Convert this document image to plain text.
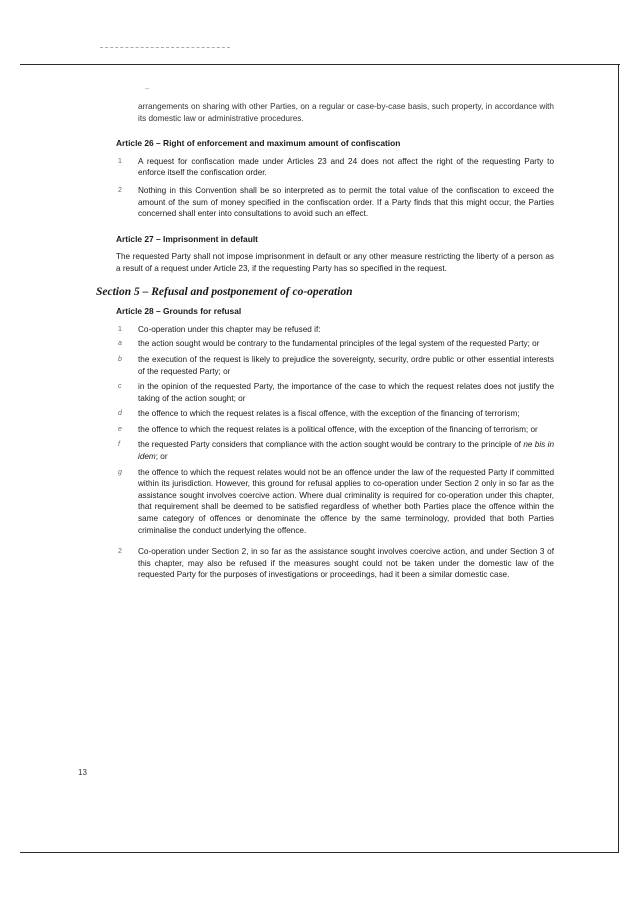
–

arrangements on sharing with other Parties, on a regular or case-by-case basis, such property, in accordance with its domestic law or administrative procedures.

Article 26 – Right of enforcement and maximum amount of confiscation

1 A request for confiscation made under Articles 23 and 24 does not affect the right of the requesting Party to enforce itself the confiscation order.
2 Nothing in this Convention shall be so interpreted as to permit the total value of the confiscation to exceed the amount of the sum of money specified in the confiscation order. If a Party finds that this might occur, the Parties concerned shall enter into consultations to avoid such an effect.

Article 27 – Imprisonment in default

The requested Party shall not impose imprisonment in default or any other measure restricting the liberty of a person as a result of a request under Article 23, if the requesting Party has so specified in the request.

Section 5 – Refusal and postponement of co-operation

Article 28 – Grounds for refusal

1 Co-operation under this chapter may be refused if:
a the action sought would be contrary to the fundamental principles of the legal system of the requested Party; or
b the execution of the request is likely to prejudice the sovereignty, security, ordre public or other essential interests of the requested Party; or
c in the opinion of the requested Party, the importance of the case to which the request relates does not justify the taking of the action sought; or
d the offence to which the request relates is a fiscal offence, with the exception of the financing of terrorism;
e the offence to which the request relates is a political offence, with the exception of the financing of terrorism; or
f the requested Party considers that compliance with the action sought would be contrary to the principle of ne bis in idem; or
g the offence to which the request relates would not be an offence under the law of the requested Party if committed within its jurisdiction. However, this ground for refusal applies to co-operation under Section 2 only in so far as the assistance sought involves coercive action. Where dual criminality is required for co-operation under this chapter, that requirement shall be deemed to be satisfied regardless of whether both Parties place the offence within the same category of offences or denominate the offence by the same terminology, provided that both Parties criminalise the conduct underlying the offence.
2 Co-operation under Section 2, in so far as the assistance sought involves coercive action, and under Section 3 of this chapter, may also be refused if the measures sought could not be taken under the domestic law of the requested Party for the purposes of investigations or proceedings, had it been a similar domestic case.
13
